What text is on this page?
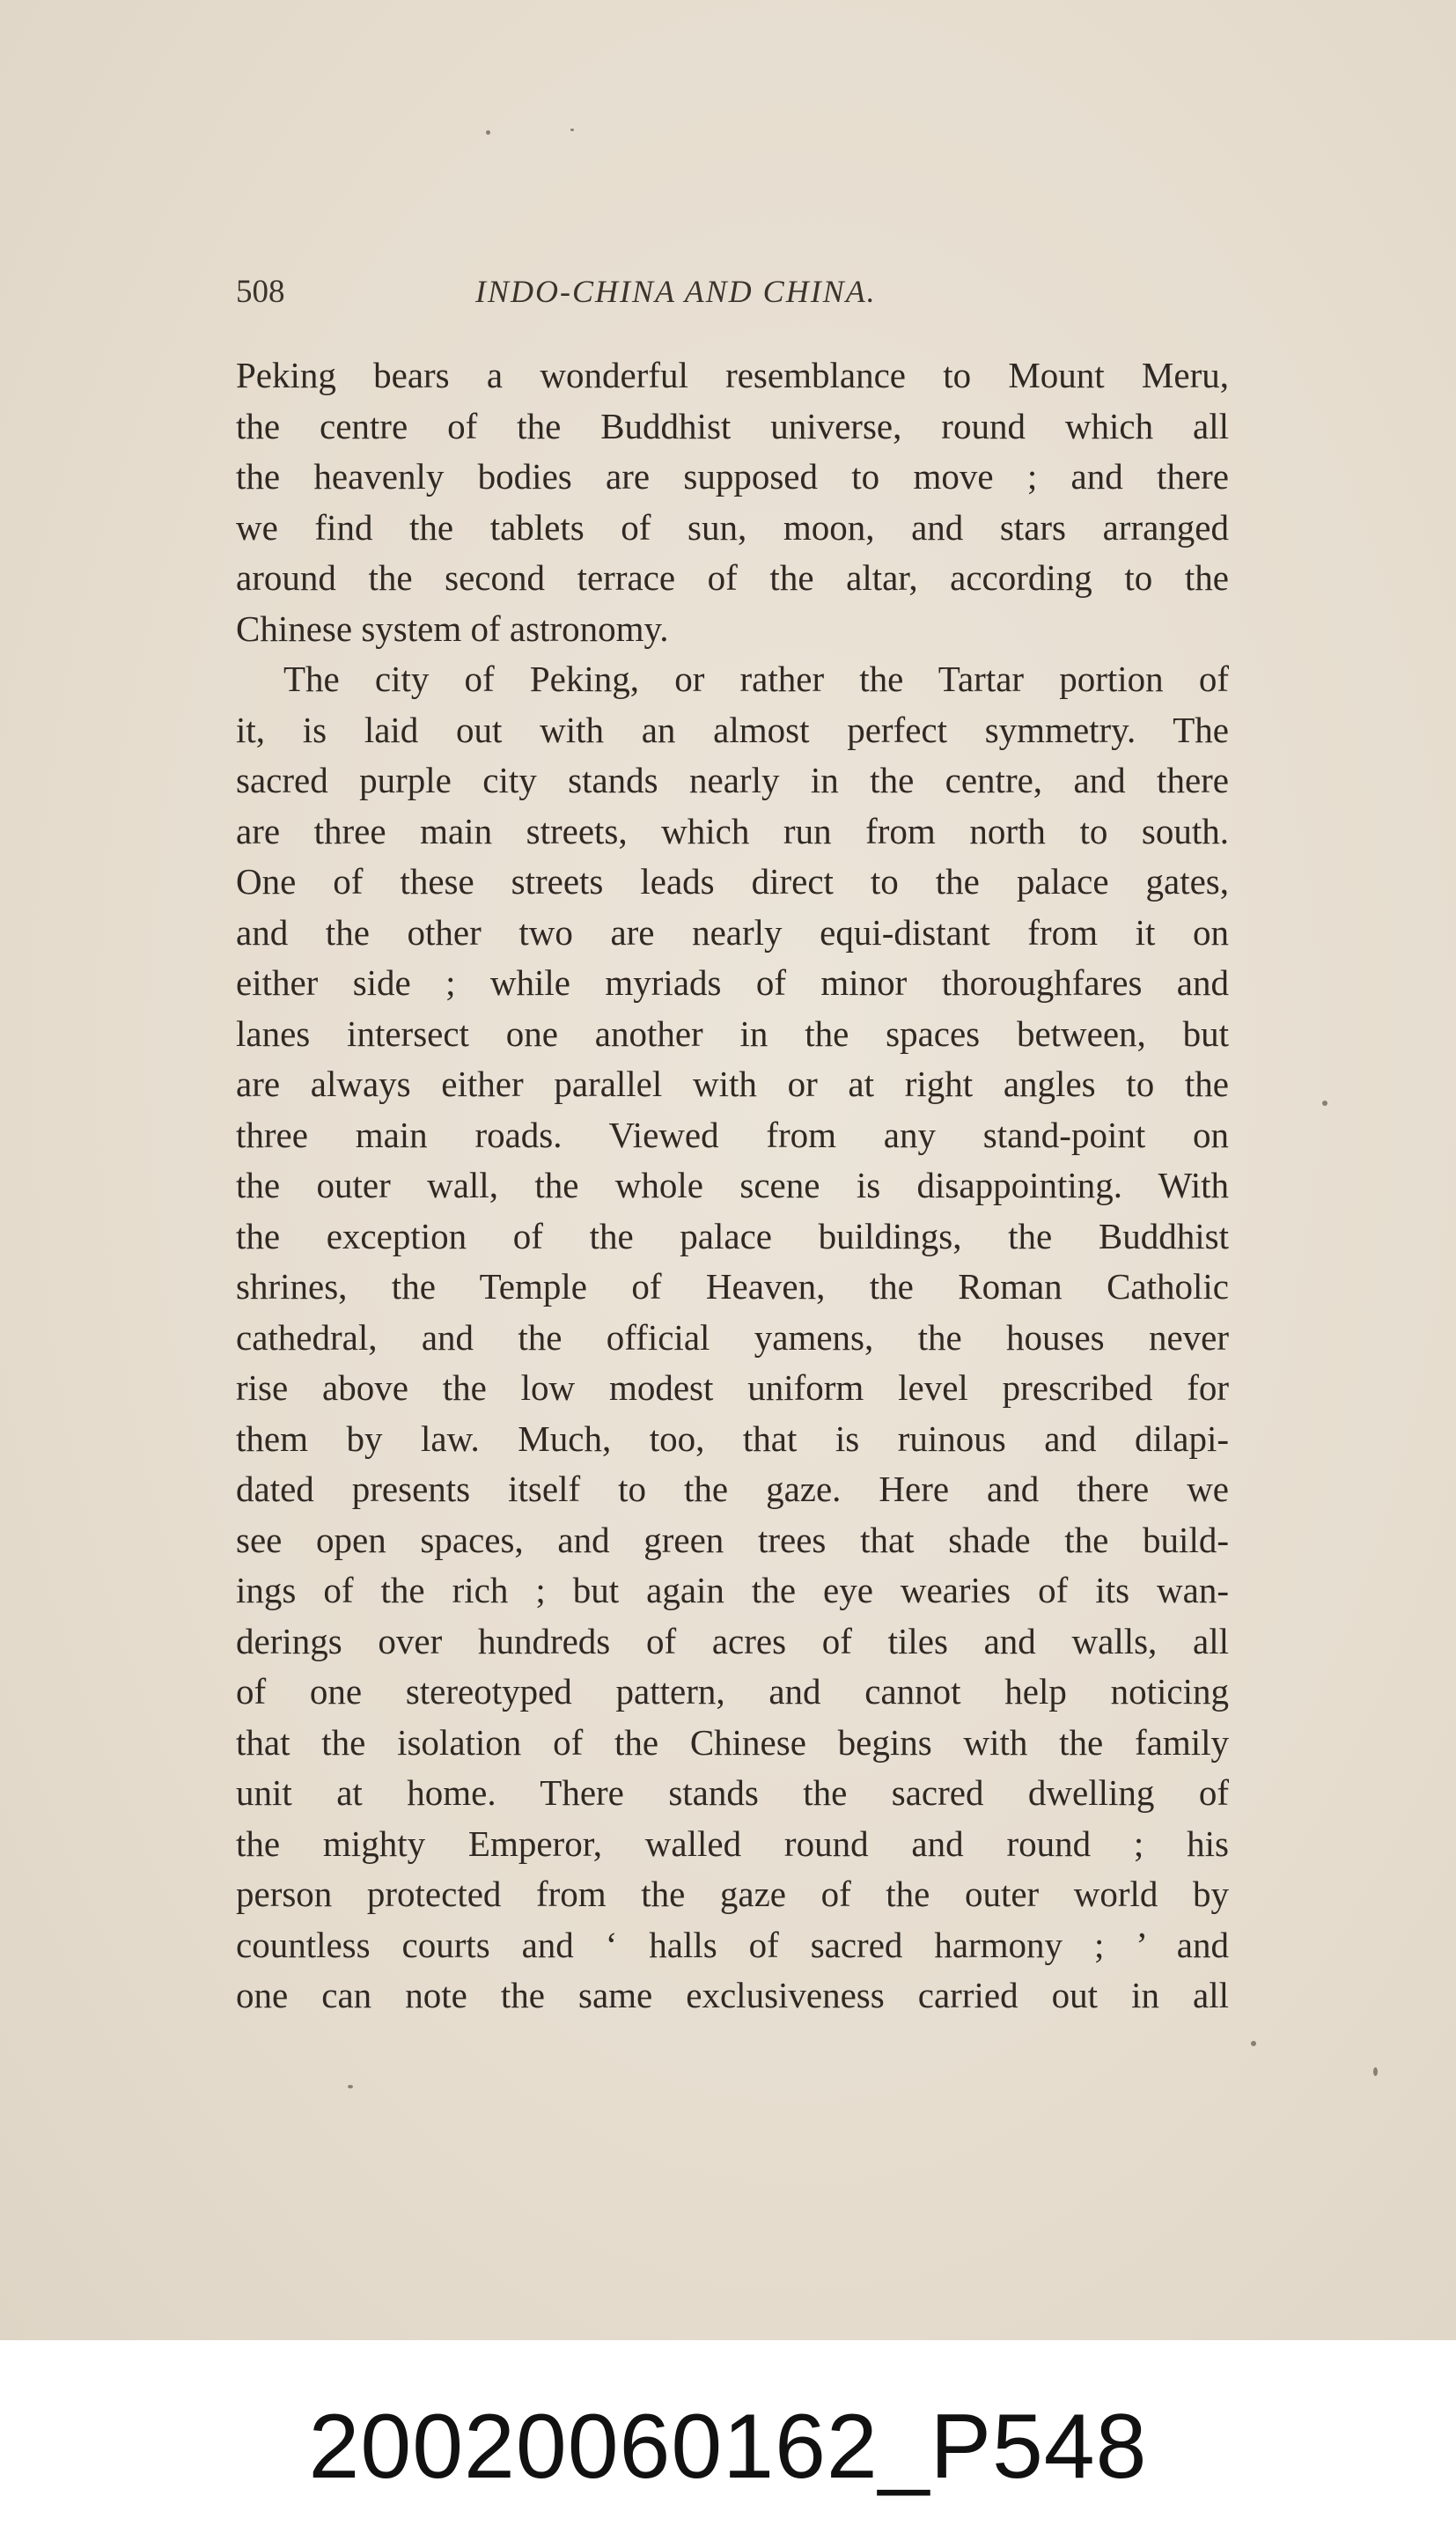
508	INDO-CHINA AND CHINA.
Peking bears a wonderful resemblance to Mount Meru,
the centre of the Buddhist universe, round which all
the heavenly bodies are supposed to move ; and there
we find the tablets of sun, moon, and stars arranged
around the second terrace of the altar, according to the
Chinese system of astronomy.
The city of Peking, or rather the Tartar portion of
it, is laid out with an almost perfect symmetry. The
sacred purple city stands nearly in the centre, and there
are three main streets, which run from north to south.
One of these streets leads direct to the palace gates,
and the other two are nearly equi-distant from it on
either side ; while myriads of minor thoroughfares and
lanes intersect one another in the spaces between, but
are always either parallel with or at right angles to the
three main roads. Viewed from any stand-point on
the outer wall, the whole scene is disappointing. With
the exception of the palace buildings, the Buddhist
shrines, the Temple of Heaven, the Roman Catholic
cathedral, and the official yamens, the houses never
rise above the low modest uniform level prescribed for
them by law. Much, too, that is ruinous and dilapi-
dated presents itself to the gaze. Here and there we
see open spaces, and green trees that shade the build-
ings of the rich ; but again the eye wearies of its wan-
derings over hundreds of acres of tiles and walls, all
of one stereotyped pattern, and cannot help noticing
that the isolation of the Chinese begins with the family
unit at home. There stands the sacred dwelling of
the mighty Emperor, walled round and round ; his
person protected from the gaze of the outer world by
countless courts and ‘ halls of sacred harmony ; ’ and
one can note the same exclusiveness carried out in all
20020060162_P548
